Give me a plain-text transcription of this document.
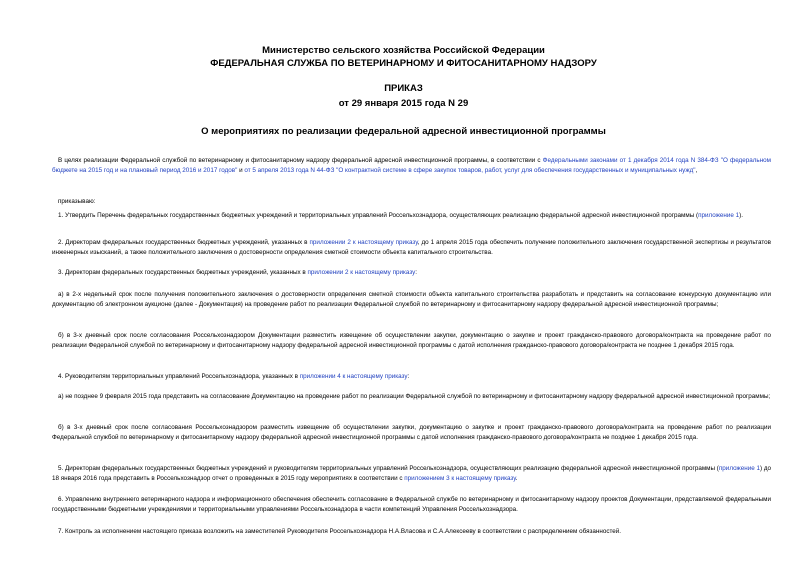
Министерство сельского хозяйства Российской Федерации
ФЕДЕРАЛЬНАЯ СЛУЖБА ПО ВЕТЕРИНАРНОМУ И ФИТОСАНИТАРНОМУ НАДЗОРУ
ПРИКАЗ
от 29 января 2015 года N 29
О мероприятиях по реализации федеральной адресной инвестиционной программы
В целях реализации Федеральной службой по ветеринарному и фитосанитарному надзору федеральной адресной инвестиционной программы, в соответствии с Федеральными законами от 1 декабря 2014 года N 384-ФЗ "О федеральном бюджете на 2015 год и на плановый период 2016 и 2017 годов" и от 5 апреля 2013 года N 44-ФЗ "О контрактной системе в сфере закупок товаров, работ, услуг для обеспечения государственных и муниципальных нужд",
приказываю:
1. Утвердить Перечень федеральных государственных бюджетных учреждений и территориальных управлений Россельхознадзора, осуществляющих реализацию федеральной адресной инвестиционной программы (приложение 1).
2. Директорам федеральных государственных бюджетных учреждений, указанных в приложении 2 к настоящему приказу, до 1 апреля 2015 года обеспечить получение положительного заключения государственной экспертизы и результатов инженерных изысканий, а также положительного заключения о достоверности определения сметной стоимости объекта капитального строительства.
3. Директорам федеральных государственных бюджетных учреждений, указанных в приложении 2 к настоящему приказу:
а) в 2-х недельный срок после получения положительного заключения о достоверности определения сметной стоимости объекта капитального строительства разработать и представить на согласование конкурсную документацию или документацию об электронном аукционе (далее - Документация) на проведение работ по реализации Федеральной службой по ветеринарному и фитосанитарному надзору федеральной адресной инвестиционной программы;
б) в 3-х дневный срок после согласования Россельхознадзором Документации разместить извещение об осуществлении закупки, документацию о закупке и проект гражданско-правового договора/контракта на проведение работ по реализации Федеральной службой по ветеринарному и фитосанитарному надзору федеральной адресной инвестиционной программы с датой исполнения гражданско-правового договора/контракта не позднее 1 декабря 2015 года.
4. Руководителям территориальных управлений Россельхознадзора, указанных в приложении 4 к настоящему приказу:
а) не позднее 9 февраля 2015 года представить на согласование Документацию на проведение работ по реализации Федеральной службой по ветеринарному и фитосанитарному надзору федеральной адресной инвестиционной программы;
б) в 3-х дневный срок после согласования Россельхознадзором разместить извещение об осуществлении закупки, документацию о закупке и проект гражданско-правового договора/контракта на проведение работ по реализации Федеральной службой по ветеринарному и фитосанитарному надзору федеральной адресной инвестиционной программы с датой исполнения гражданско-правового договора/контракта не позднее 1 декабря 2015 года.
5. Директорам федеральных государственных бюджетных учреждений и руководителям территориальных управлений Россельхознадзора, осуществляющих реализацию федеральной адресной инвестиционной программы (приложение 1) до 18 января 2016 года представить в Россельхознадзор отчет о проведенных в 2015 году мероприятиях в соответствии с приложением 3 к настоящему приказу.
6. Управлению внутреннего ветеринарного надзора и информационного обеспечения обеспечить согласование в Федеральной службе по ветеринарному и фитосанитарному надзору проектов Документации, представляемой федеральными государственными бюджетными учреждениями и территориальными управлениями Россельхознадзора в части компетенций Управления Россельхознадзора.
7. Контроль за исполнением настоящего приказа возложить на заместителей Руководителя Россельхознадзора Н.А.Власова и С.А.Алексееву в соответствии с распределением обязанностей.
